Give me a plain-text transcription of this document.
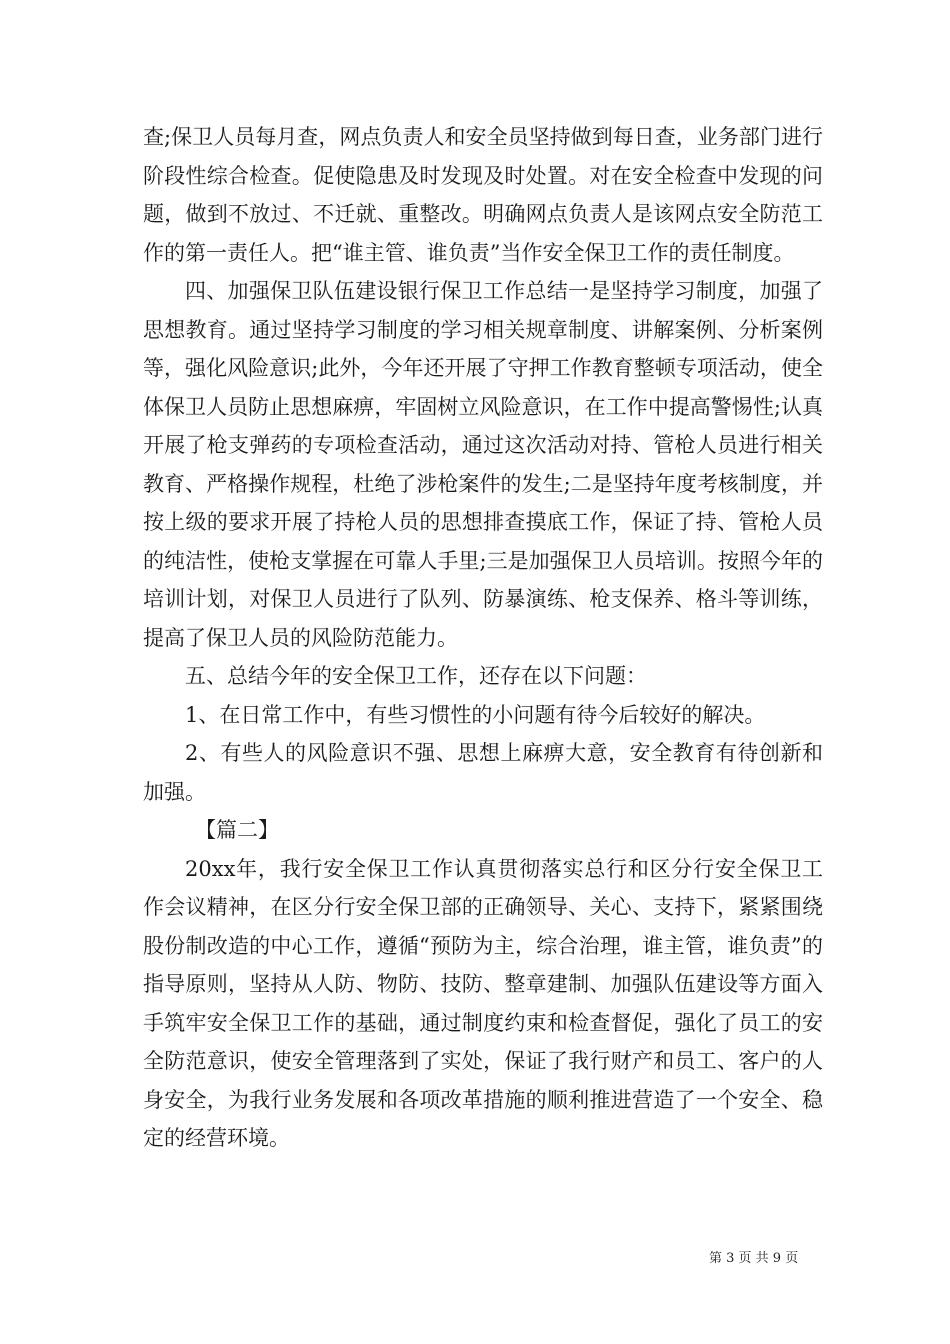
查;保卫人员每月查，网点负责人和安全员坚持做到每日查，业务部门进行阶段性综合检查。促使隐患及时发现及时处置。对在安全检查中发现的问题，做到不放过、不迁就、重整改。明确网点负责人是该网点安全防范工作的第一责任人。把“谁主管、谁负责”当作安全保卫工作的责任制度。

四、加强保卫队伍建设银行保卫工作总结一是坚持学习制度，加强了思想教育。通过坚持学习制度的学习相关规章制度、讲解案例、分析案例等，强化风险意识;此外，今年还开展了守押工作教育整顿专项活动，使全体保卫人员防止思想麻痹，牢固树立风险意识，在工作中提高警惕性;认真开展了枪支弹药的专项检查活动，通过这次活动对持、管枪人员进行相关教育、严格操作规程，杜绝了涉枪案件的发生;二是坚持年度考核制度，并按上级的要求开展了持枪人员的思想排查摸底工作，保证了持、管枪人员的纯洁性，使枪支掌握在可靠人手里;三是加强保卫人员培训。按照今年的培训计划，对保卫人员进行了队列、防暴演练、枪支保养、格斗等训练，提高了保卫人员的风险防范能力。

五、总结今年的安全保卫工作，还存在以下问题：

1、在日常工作中，有些习惯性的小问题有待今后较好的解决。

2、有些人的风险意识不强、思想上麻痹大意，安全教育有待创新和加强。

【篇二】

20xx年，我行安全保卫工作认真贯彻落实总行和区分行安全保卫工作会议精神，在区分行安全保卫部的正确领导、关心、支持下，紧紧围绕股份制改造的中心工作，遵循“预防为主，综合治理，谁主管，谁负责”的指导原则，坚持从人防、物防、技防、整章建制、加强队伍建设等方面入手筑牢安全保卫工作的基础，通过制度约束和检查督促，强化了员工的安全防范意识，使安全管理落到了实处，保证了我行财产和员工、客户的人身安全，为我行业务发展和各项改革措施的顺利推进营造了一个安全、稳定的经营环境。

第 3 页 共 9 页
